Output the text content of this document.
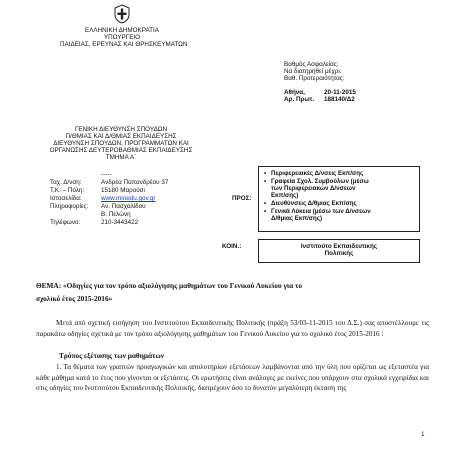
ΕΛΛΗΝΙΚΗ ΔΗΜΟΚΡΑΤΙΑ
ΥΠΟΥΡΓΕΙΟ
ΠΑΙΔΕΙΑΣ, ΕΡΕΥΝΑΣ ΚΑΙ ΘΡΗΣΚΕΥΜΑΤΩΝ
Βαθμός Ασφαλείας:
Να διατηρηθεί μέχρι:
Βαθ. Προτεραιότητας:
Αθήνα,	20-11-2015
Αρ. Πρωτ. 188140/Δ2
ΓΕΝΙΚΗ ΔΙΕΥΘΥΝΣΗ ΣΠΟΥΔΩΝ
Π/ΘΜΙΑΣ ΚΑΙ Δ/ΘΜΙΑΣ ΕΚΠΑΙΔΕΥΣΗΣ
ΔΙΕΥΘΥΝΣΗ ΣΠΟΥΔΩΝ, ΠΡΟΓΡΑΜΜΑΤΩΝ ΚΑΙ
ΟΡΓΑΝΩΣΗΣ ΔΕΥΤΕΡΟΒΑΘΜΙΑΣ ΕΚΠΑΙΔΕΥΣΗΣ
ΤΜΗΜΑ Α΄
-----
Ταχ. Δ/νση:	Ανδρέα Παπανδρέου 37
Τ.Κ. – Πόλη:	15180 Μαρούσι
Ιστοσελίδα:	www.minedu.gov.gr
Πληροφορίες: Αν. Πασχαλίδου
Β. Πελώνη
Τηλέφωνο:	210-3443422
ΠΡΟΣ:
• Περιφερειακές Δ/νσεις Εκπ/σης
• Γραφεία Σχολ. Συμβούλων (μέσω
των Περιφερειακών Δ/νσεων
Εκπ/σης)
• Διευθύνσεις Δ/θμιας Εκπ/σης
• Γενικά Λύκεια (μέσω των Δ/νσεων
Δ/θμιας Εκπ/σης)
ΚΟΙΝ.:	Ινστιτούτο Εκπαιδευτικής
Πολιτικής
ΘΕΜΑ: «Οδηγίες για τον τρόπο αξιολόγησης μαθημάτων του Γενικού Λυκείου για το
σχολικό έτος 2015-2016»
Μετά από σχετική εισήγηση του Ινστιτούτου Εκπαιδευτικής Πολιτικής (πράξη 53/03-11-2015 του Δ.Σ.) σας αποστέλλουμε τις παρακάτω οδηγίες σχετικά με τον τρόπο αξιολόγησης μαθημάτων του Γενικού Λυκείου για το σχολικό έτος 2015-2016 :
Τρόπος εξέτασης των μαθημάτων
1. Τα θέματα των γραπτών προαγωγικών και απολυτηρίων εξετάσεων λαμβάνονται από την ύλη που ορίζεται ως εξεταστέα για κάθε μάθημα κατά το έτος που γίνονται οι εξετάσεις. Οι ερωτήσεις είναι ανάλογες με εκείνες που υπάρχουν στα σχολικά εγχειρίδια και στις οδηγίες του Ινστιτούτου Εκπαιδευτικής Πολιτικής, διατρέχουν όσο το δυνατόν μεγαλύτερη έκταση της
1
